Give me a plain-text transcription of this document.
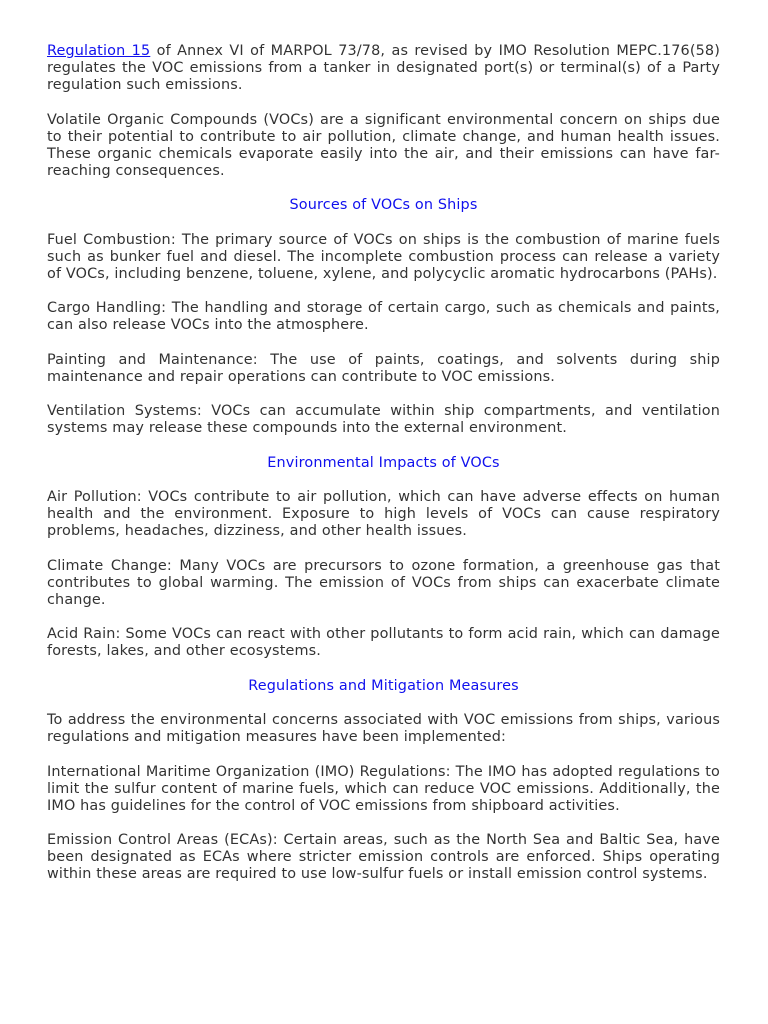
Regulation 15 of Annex VI of MARPOL 73/78, as revised by IMO Resolution MEPC.176(58) regulates the VOC emissions from a tanker in designated port(s) or terminal(s) of a Party regulation such emissions.

Volatile Organic Compounds (VOCs) are a significant environmental concern on ships due to their potential to contribute to air pollution, climate change, and human health issues. These organic chemicals evaporate easily into the air, and their emissions can have far-reaching consequences.

Sources of VOCs on Ships

Fuel Combustion: The primary source of VOCs on ships is the combustion of marine fuels such as bunker fuel and diesel. The incomplete combustion process can release a variety of VOCs, including benzene, toluene, xylene, and polycyclic aromatic hydrocarbons (PAHs).

Cargo Handling: The handling and storage of certain cargo, such as chemicals and paints, can also release VOCs into the atmosphere.

Painting and Maintenance: The use of paints, coatings, and solvents during ship maintenance and repair operations can contribute to VOC emissions.

Ventilation Systems: VOCs can accumulate within ship compartments, and ventilation systems may release these compounds into the external environment.

Environmental Impacts of VOCs

Air Pollution: VOCs contribute to air pollution, which can have adverse effects on human health and the environment. Exposure to high levels of VOCs can cause respiratory problems, headaches, dizziness, and other health issues.

Climate Change: Many VOCs are precursors to ozone formation, a greenhouse gas that contributes to global warming. The emission of VOCs from ships can exacerbate climate change.

Acid Rain: Some VOCs can react with other pollutants to form acid rain, which can damage forests, lakes, and other ecosystems.

Regulations and Mitigation Measures

To address the environmental concerns associated with VOC emissions from ships, various regulations and mitigation measures have been implemented:

International Maritime Organization (IMO) Regulations: The IMO has adopted regulations to limit the sulfur content of marine fuels, which can reduce VOC emissions. Additionally, the IMO has guidelines for the control of VOC emissions from shipboard activities.

Emission Control Areas (ECAs): Certain areas, such as the North Sea and Baltic Sea, have been designated as ECAs where stricter emission controls are enforced. Ships operating within these areas are required to use low-sulfur fuels or install emission control systems.
